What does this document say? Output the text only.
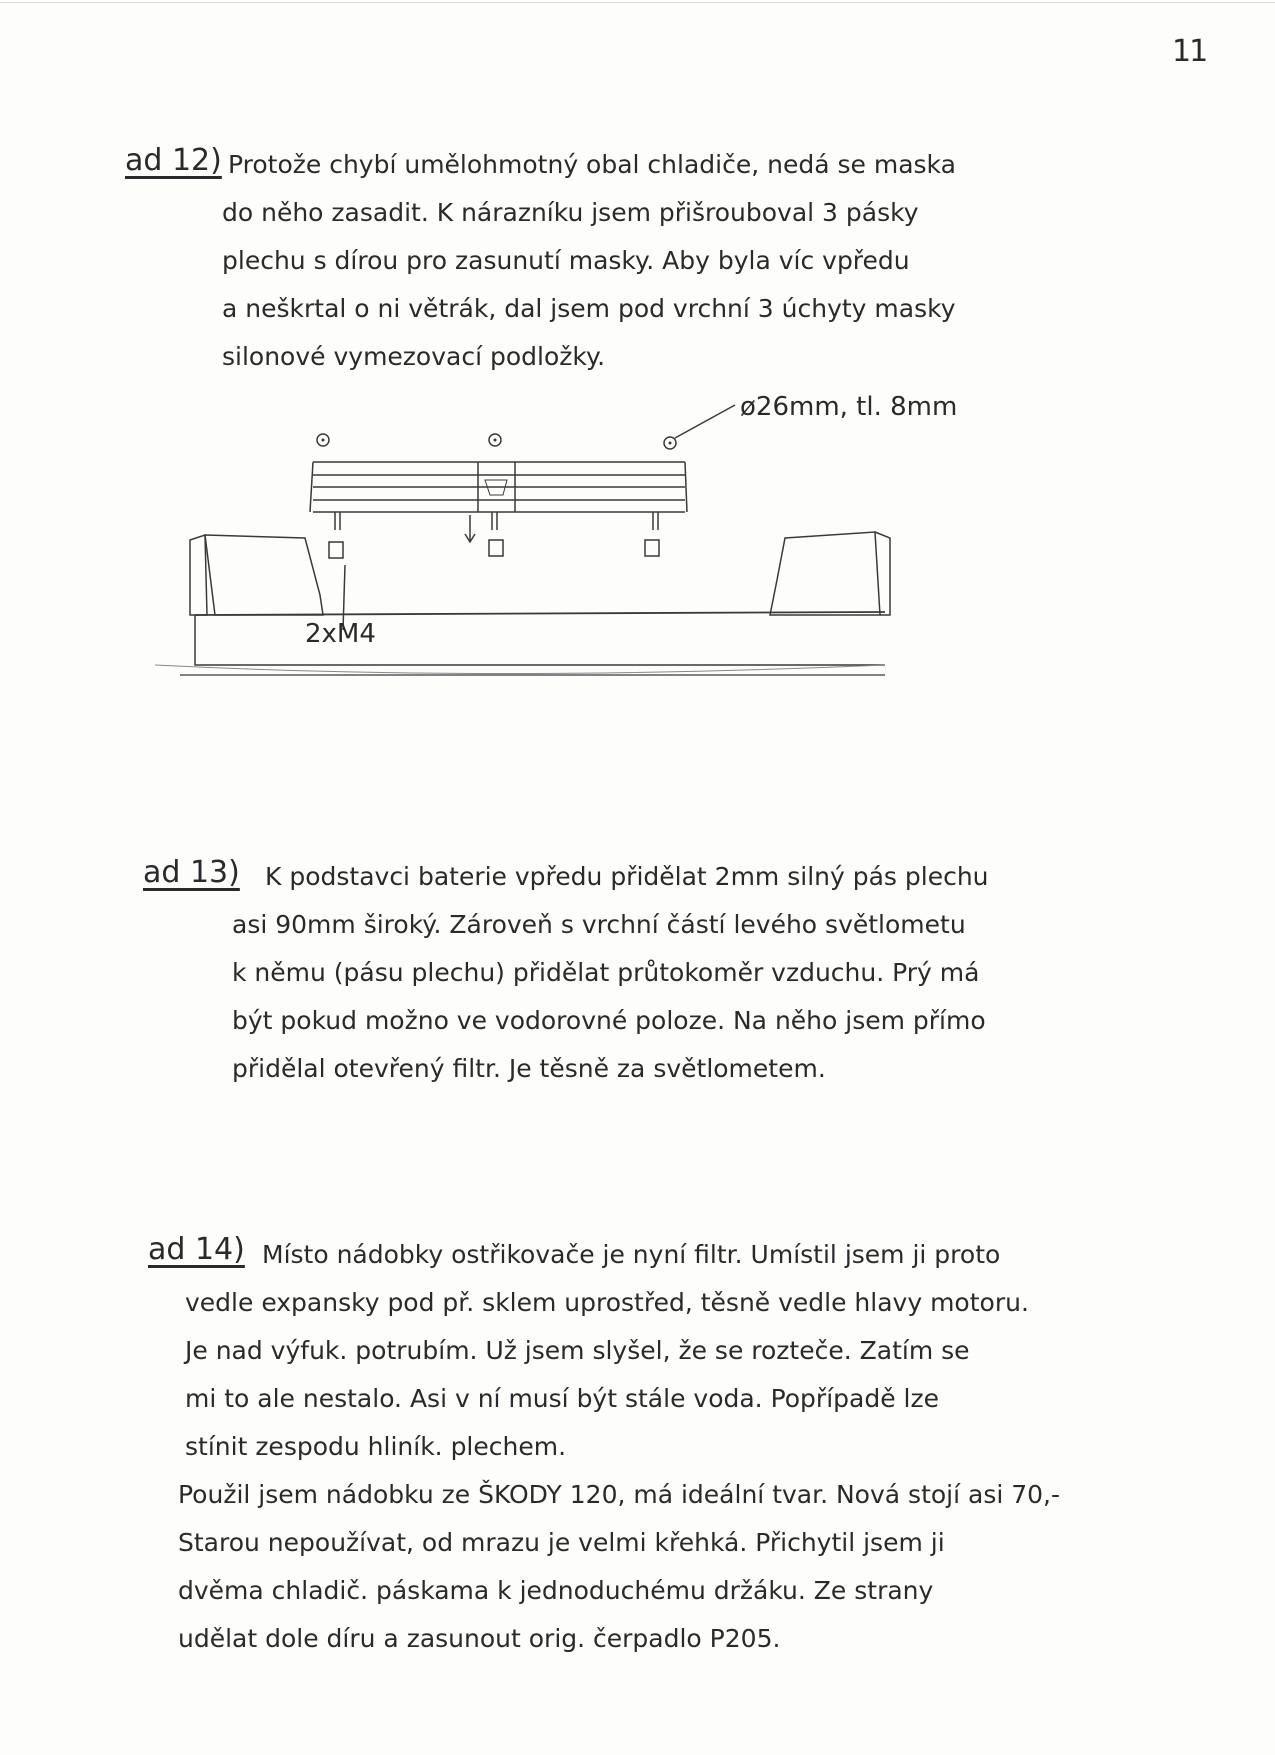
11
ad 12) Protože chybí umělohmotný obal chladiče, nedá se maska
do něho zasadit. K nárazníku jsem přišrouboval 3 pásky
plechu s dírou pro zasunutí masky. Aby byla víc vpředu
a neškrtal o ni větrák, dal jsem pod vrchní 3 úchyty masky
silonové vymezovací podložky.
ø26mm, tl. 8mm
2xM4
ad 13) K podstavci baterie vpředu přidělat 2mm silný pás plechu
asi 90mm široký. Zároveň s vrchní částí levého světlometu
k němu (pásu plechu) přidělat průtokoměr vzduchu. Prý má
být pokud možno ve vodorovné poloze. Na něho jsem přímo
přidělal otevřený filtr. Je těsně za světlometem.
ad 14) Místo nádobky ostřikovače je nyní filtr. Umístil jsem ji proto
vedle expansky pod př. sklem uprostřed, těsně vedle hlavy motoru.
Je nad výfuk. potrubím. Už jsem slyšel, že se rozteče. Zatím se
mi to ale nestalo. Asi v ní musí být stále voda. Popřípadě lze
stínit zespodu hliník. plechem.
Použil jsem nádobku ze ŠKODY 120, má ideální tvar. Nová stojí asi 70,-
Starou nepoužívat, od mrazu je velmi křehká. Přichytil jsem ji
dvěma chladič. páskama k jednoduchému držáku. Ze strany
udělat dole díru a zasunout orig. čerpadlo P205.
